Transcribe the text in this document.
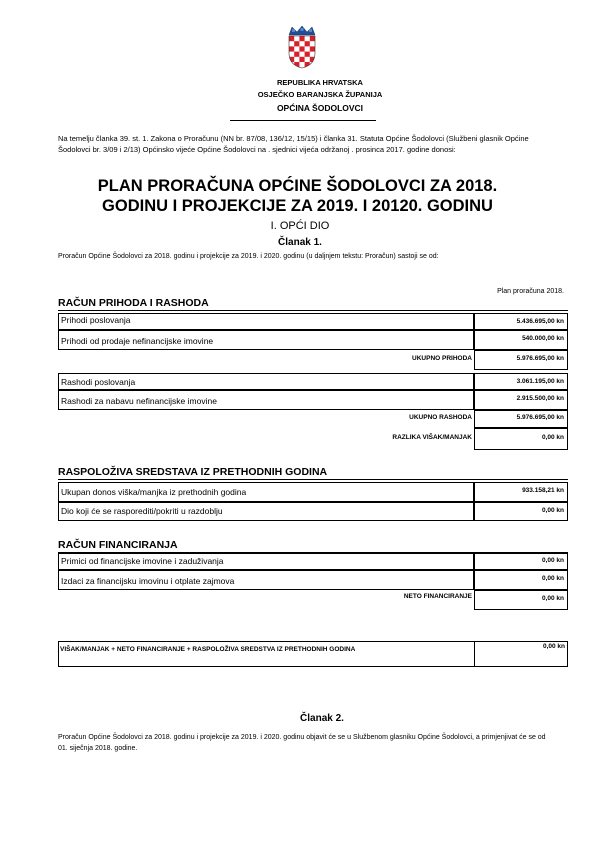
REPUBLIKA HRVATSKA
OSJEČKO BARANJSKA ŽUPANIJA
OPĆINA ŠODOLOVCI
Na temelju članka 39. st. 1. Zakona o Proračunu (NN br. 87/08, 136/12, 15/15) i članka 31. Statuta Općine Šodolovci (Službeni glasnik Općine Šodolovci br. 3/09 i 2/13) Općinsko vijeće Općine Šodolovci na . sjednici vijeća održanoj . prosinca 2017. godine donosi:
PLAN PRORAČUNA OPĆINE ŠODOLOVCI ZA 2018.
GODINU I PROJEKCIJE ZA 2019. I 20120. GODINU
I. OPĆI DIO
Članak 1.
Proračun Općine Šodolovci za 2018. godinu i projekcije za 2019. i 2020. godinu (u daljnjem tekstu: Proračun) sastoji se od:
Plan proračuna 2018.
RAČUN PRIHODA I RASHODA
Prihodi poslovanja	5.436.695,00 kn
Prihodi od prodaje nefinancijske imovine	540.000,00 kn
UKUPNO PRIHODA	5.976.695,00 kn
Rashodi poslovanja	3.061.195,00 kn
Rashodi za nabavu nefinancijske imovine	2.915.500,00 kn
UKUPNO RASHODA	5.976.695,00 kn
RAZLIKA VIŠAK/MANJAK	0,00 kn
RASPOLOŽIVA SREDSTAVA IZ PRETHODNIH GODINA
Ukupan donos viška/manjka iz prethodnih godina	933.158,21 kn
Dio koji će se rasporediti/pokriti u razdoblju	0,00 kn
RAČUN FINANCIRANJA
Primici od financijske imovine i zaduživanja	0,00 kn
Izdaci za financijsku imovinu i otplate zajmova	0,00 kn
NETO FINANCIRANJE	0,00 kn
VIŠAK/MANJAK + NETO FINANCIRANJE + RASPOLOŽIVA SREDSTVA IZ PRETHODNIH GODINA	0,00 kn
Članak 2.
Proračun Općine Šodolovci za 2018. godinu i projekcije za 2019. i 2020. godinu objavit će se u Službenom glasniku Općine Šodolovci, a primjenjivat će se od 01. siječnja 2018. godine.
